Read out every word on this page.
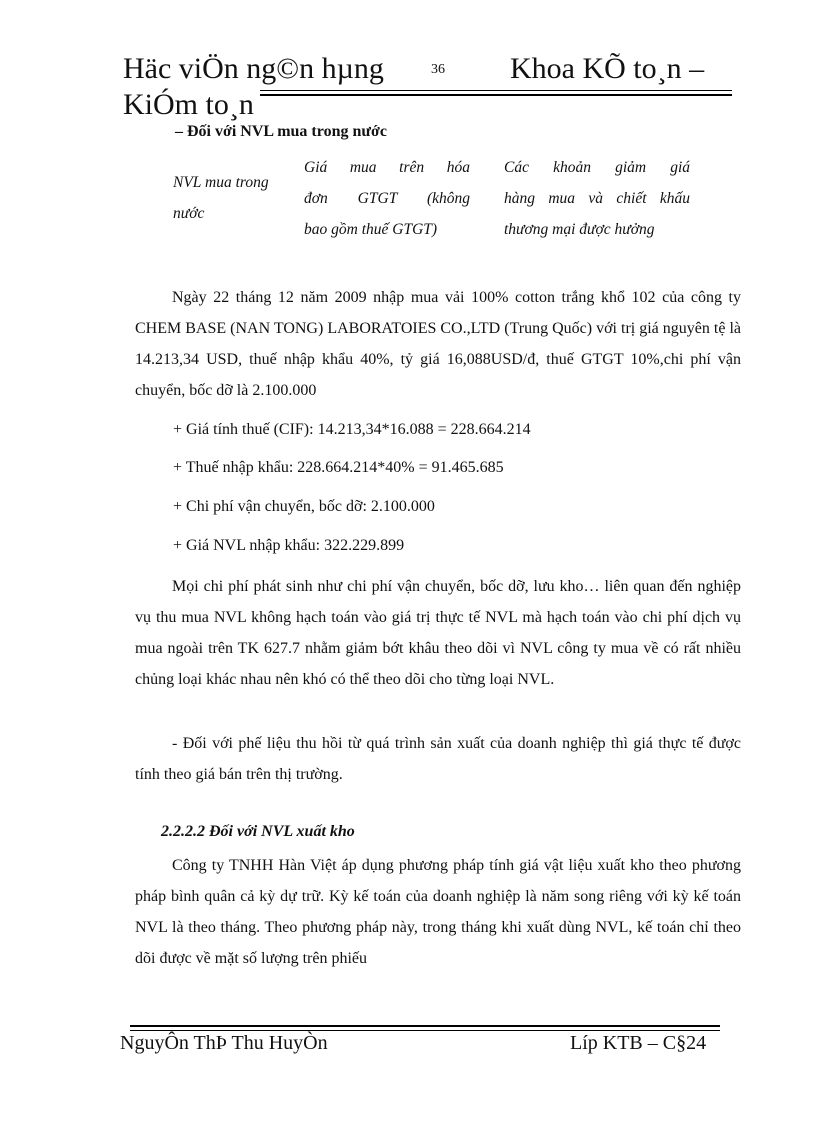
Häc viÖn ng©n hµng	36 Khoa KÕ to¸n –
KiÓm to¸n
– Đối với NVL mua trong nước
NVL mua trong nước
Giá mua trên hóa
đơn GTGT (không
bao gồm thuế GTGT)
Các khoản giảm giá
hàng mua và chiết khấu
thương mại được hưởng
Ngày 22 tháng 12 năm 2009 nhập mua vải 100% cotton trắng khổ 102 của công ty CHEM BASE (NAN TONG) LABORATOIES CO.,LTD (Trung Quốc) với trị giá nguyên tệ là 14.213,34 USD, thuế nhập khẩu 40%, tỷ giá 16,088USD/đ, thuế GTGT 10%,chi phí vận chuyển, bốc dỡ là 2.100.000
+ Giá tính thuế (CIF): 14.213,34*16.088 = 228.664.214
+ Thuế nhập khẩu: 228.664.214*40% = 91.465.685
+ Chi phí vận chuyển, bốc dỡ: 2.100.000
+ Giá NVL nhập khẩu: 322.229.899
Mọi chi phí phát sinh như chi phí vận chuyển, bốc dỡ, lưu kho… liên quan đến nghiệp vụ thu mua NVL không hạch toán vào giá trị thực tế NVL mà hạch toán vào chi phí dịch vụ mua ngoài trên TK 627.7 nhằm giảm bớt khâu theo dõi vì NVL công ty mua về có rất nhiều chủng loại khác nhau nên khó có thể theo dõi cho từng loại NVL.
- Đối với phế liệu thu hồi từ quá trình sản xuất của doanh nghiệp thì giá thực tế được tính theo giá bán trên thị trường.
2.2.2.2 Đối với NVL xuất kho
Công ty TNHH Hàn Việt áp dụng phương pháp tính giá vật liệu xuất kho theo phương pháp bình quân cả kỳ dự trữ. Kỳ kế toán của doanh nghiệp là năm song riêng với kỳ kế toán NVL là theo tháng. Theo phương pháp này, trong tháng khi xuất dùng NVL, kế toán chỉ theo dõi được về mặt số lượng trên phiếu
NguyÔn ThÞ Thu HuyÒn	Líp KTB – C§24
